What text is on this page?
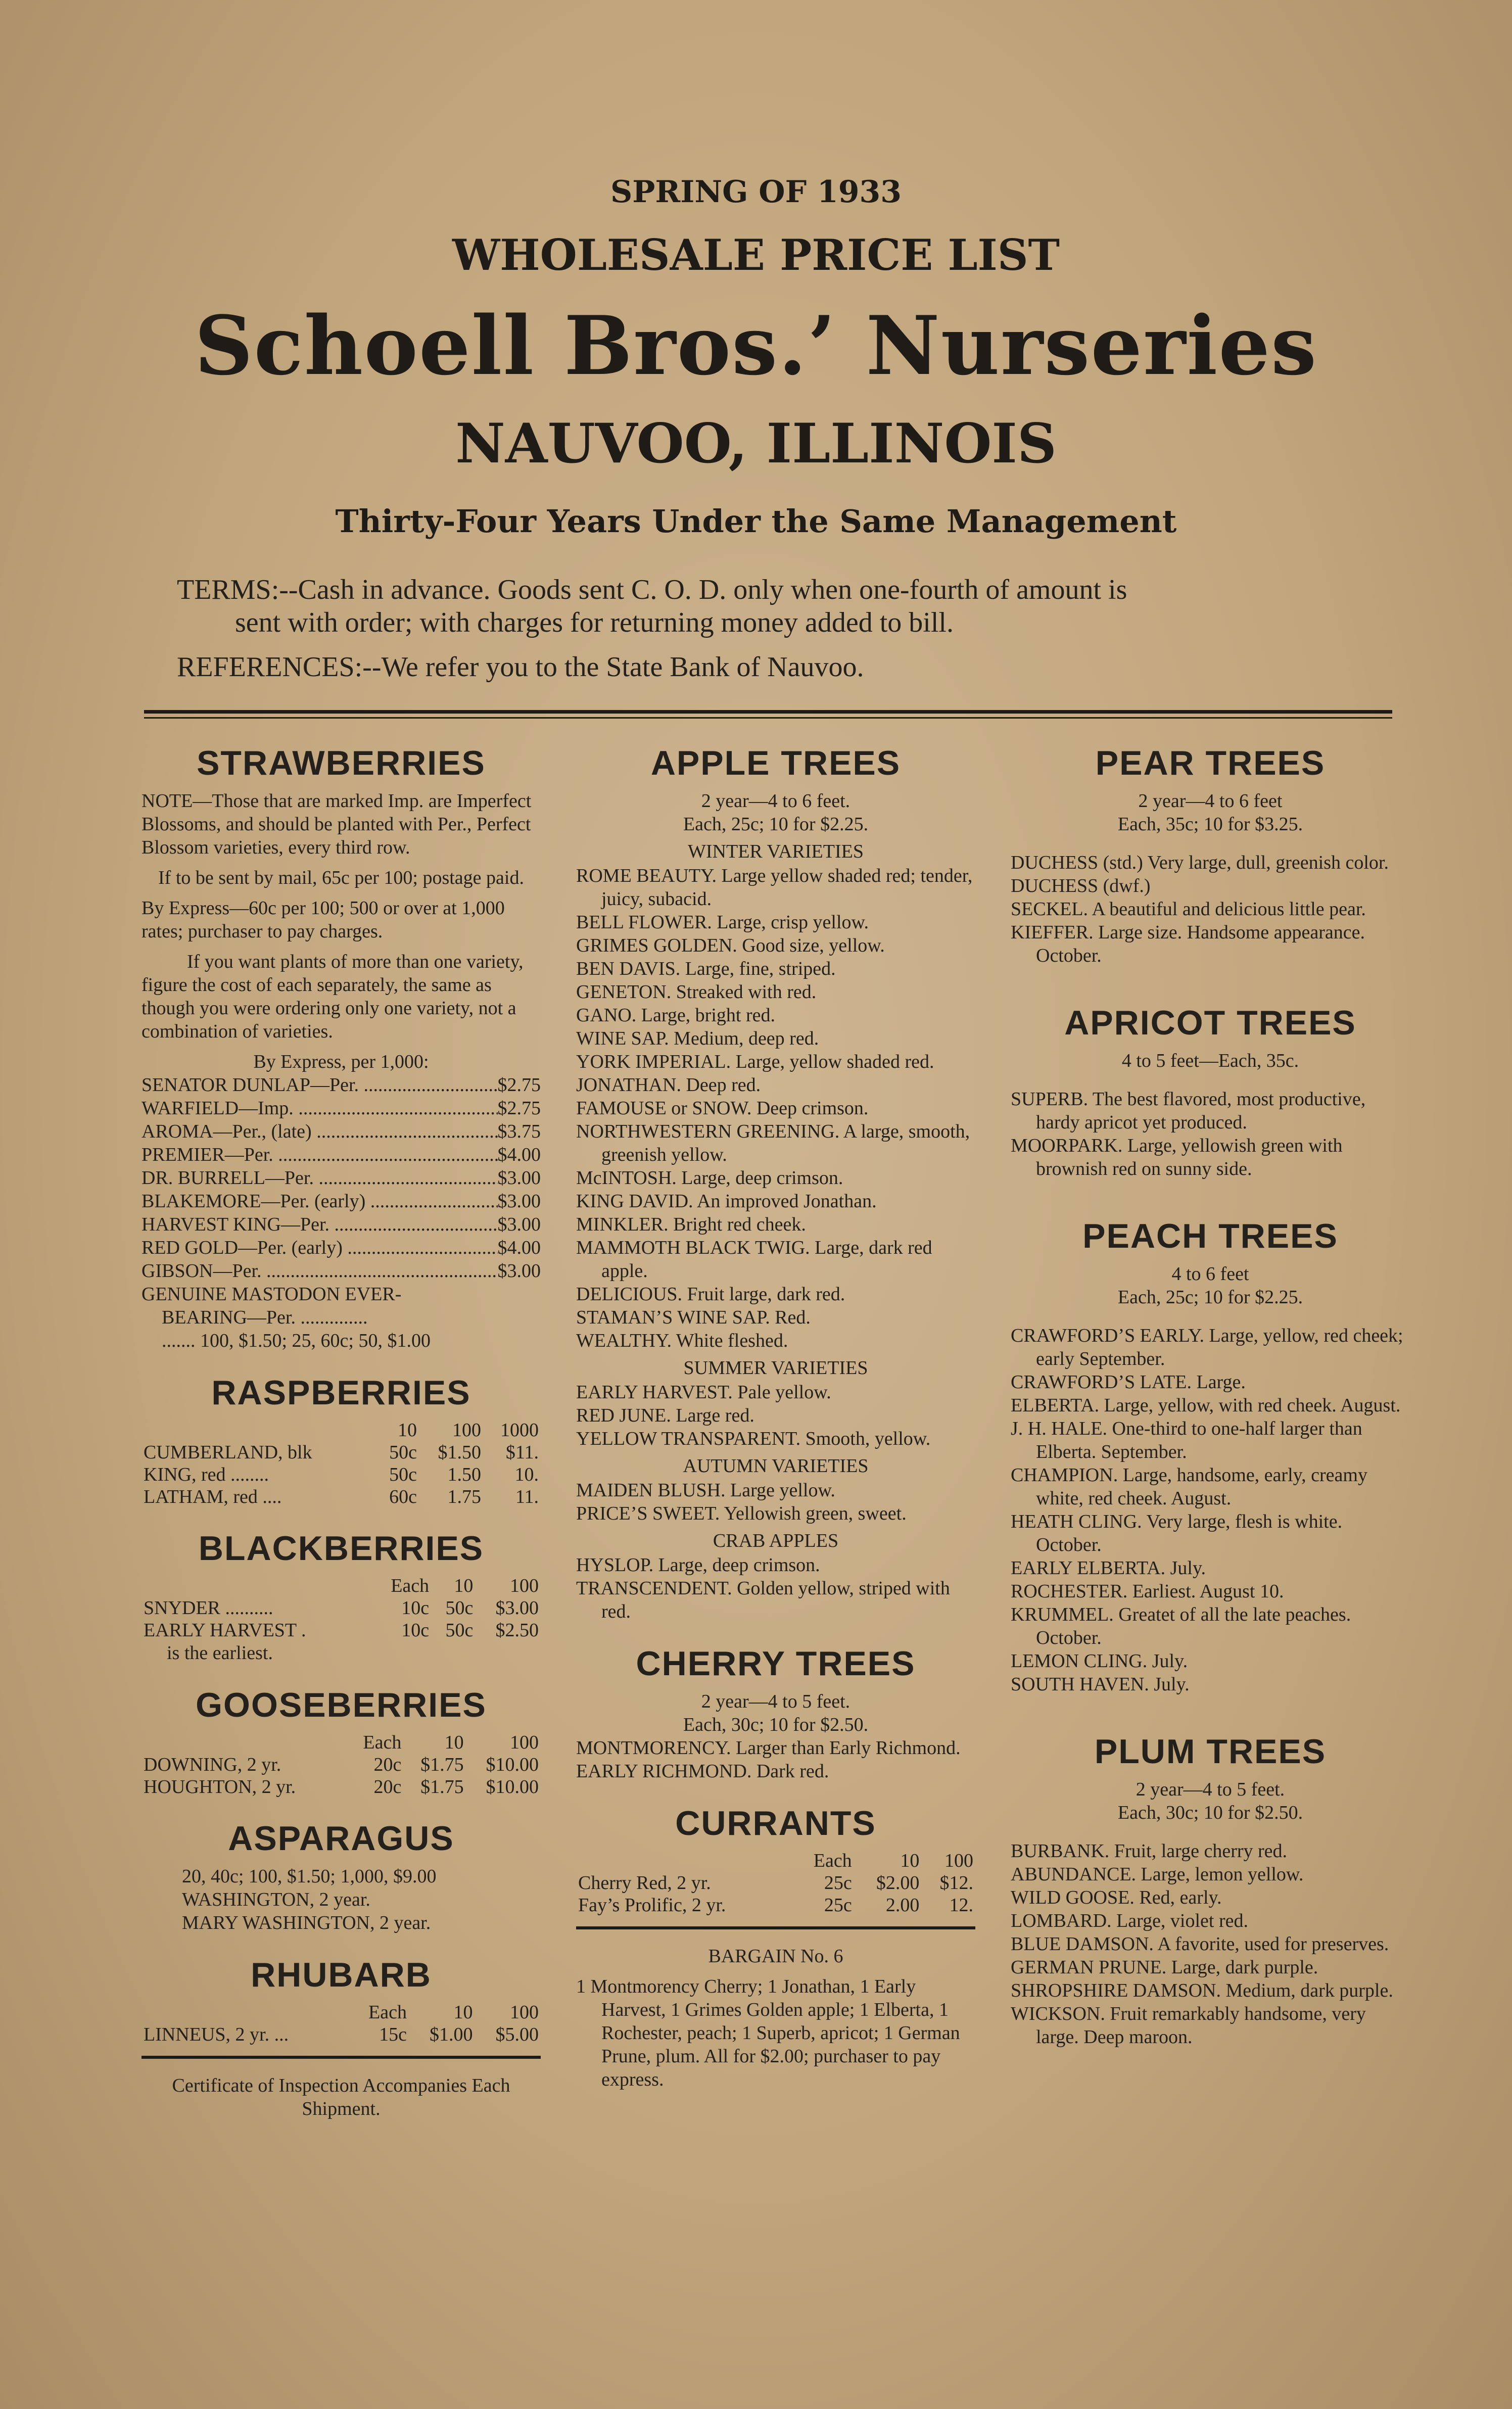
SPRING OF 1933
WHOLESALE PRICE LIST
Schoell Bros.’ Nurseries
NAUVOO, ILLINOIS
Thirty-Four Years Under the Same Management
TERMS:--Cash in advance. Goods sent C. O. D. only when one-fourth of amount is
sent with order; with charges for returning money added to bill.
REFERENCES:--We refer you to the State Bank of Nauvoo.
STRAWBERRIES

NOTE—Those that are marked Imp. are Imperfect Blossoms, and should be planted with Per., Perfect Blossom varieties, every third row.

If to be sent by mail, 65c per 100; postage paid.

By Express—60c per 100; 500 or over at 1,000 rates; purchaser to pay charges.

If you want plants of more than one variety, figure the cost of each separately, the same as though you were ordering only one variety, not a combination of varieties.

By Express, per 1,000:

SENATOR DUNLAP—Per. .....	$2.75
WARFIELD—Imp. .....	$2.75
AROMA—Per., (late) .....	$3.75
PREMIER—Per. .....	$4.00
DR. BURRELL—Per. .....	$3.00
BLAKEMORE—Per. (early) .....	$3.00
HARVEST KING—Per. .....	$3.00
RED GOLD—Per. (early) .....	$4.00
GIBSON—Per. .....	$3.00

GENUINE MASTODON EVER-

BEARING—Per. ..............

....... 100, $1.50; 25, 60c; 50, $1.00

RASPBERRIES
	10	100	1000
CUMBERLAND, blk	50c	$1.50	$11.
KING, red ........	50c	1.50	10.
LATHAM, red ....	60c	1.75	11.
BLACKBERRIES
	Each	10	100
SNYDER ..........	10c	50c	$3.00
EARLY HARVEST .	10c	50c	$2.50

is the earliest.

GOOSEBERRIES
	Each	10	100
DOWNING, 2 yr.	20c	$1.75	$10.00
HOUGHTON, 2 yr.	20c	$1.75	$10.00
ASPARAGUS

20, 40c; 100, $1.50; 1,000, $9.00

WASHINGTON, 2 year.

MARY WASHINGTON, 2 year.

RHUBARB
	Each	10	100
LINNEUS, 2 yr. ...	15c	$1.00	$5.00

Certificate of Inspection Accompanies Each Shipment.

APPLE TREES

2 year—4 to 6 feet.

Each, 25c; 10 for $2.25.

WINTER VARIETIES

ROME BEAUTY. Large yellow shaded red; tender, juicy, subacid.

BELL FLOWER. Large, crisp yellow.

GRIMES GOLDEN. Good size, yellow.

BEN DAVIS. Large, fine, striped.

GENETON. Streaked with red.

GANO. Large, bright red.

WINE SAP. Medium, deep red.

YORK IMPERIAL. Large, yellow shaded red.

JONATHAN. Deep red.

FAMOUSE or SNOW. Deep crimson.

NORTHWESTERN GREENING. A large, smooth, greenish yellow.

McINTOSH. Large, deep crimson.

KING DAVID. An improved Jonathan.

MINKLER. Bright red cheek.

MAMMOTH BLACK TWIG. Large, dark red apple.

DELICIOUS. Fruit large, dark red.

STAMAN’S WINE SAP. Red.

WEALTHY. White fleshed.

SUMMER VARIETIES

EARLY HARVEST. Pale yellow.

RED JUNE. Large red.

YELLOW TRANSPARENT. Smooth, yellow.

AUTUMN VARIETIES

MAIDEN BLUSH. Large yellow.

PRICE’S SWEET. Yellowish green, sweet.

CRAB APPLES

HYSLOP. Large, deep crimson.

TRANSCENDENT. Golden yellow, striped with red.

CHERRY TREES

2 year—4 to 5 feet.

Each, 30c; 10 for $2.50.

MONTMORENCY. Larger than Early Richmond.

EARLY RICHMOND. Dark red.

CURRANTS
	Each	10	100
Cherry Red, 2 yr.	25c	$2.00	$12.
Fay’s Prolific, 2 yr.	25c	2.00	12.

BARGAIN No. 6

1 Montmorency Cherry; 1 Jonathan, 1 Early Harvest, 1 Grimes Golden apple; 1 Elberta, 1 Rochester, peach; 1 Superb, apricot; 1 German Prune, plum. All for $2.00; purchaser to pay express.

PEAR TREES

2 year—4 to 6 feet

Each, 35c; 10 for $3.25.

DUCHESS (std.) Very large, dull, greenish color.

DUCHESS (dwf.)

SECKEL. A beautiful and delicious little pear.

KIEFFER. Large size. Handsome appearance. October.

APRICOT TREES

4 to 5 feet—Each, 35c.

SUPERB. The best flavored, most productive, hardy apricot yet produced.

MOORPARK. Large, yellowish green with brownish red on sunny side.

PEACH TREES

4 to 6 feet

Each, 25c; 10 for $2.25.

CRAWFORD’S EARLY. Large, yellow, red cheek; early September.

CRAWFORD’S LATE. Large.

ELBERTA. Large, yellow, with red cheek. August.

J. H. HALE. One-third to one-half larger than Elberta. September.

CHAMPION. Large, handsome, early, creamy white, red cheek. August.

HEATH CLING. Very large, flesh is white. October.

EARLY ELBERTA. July.

ROCHESTER. Earliest. August 10.

KRUMMEL. Greatet of all the late peaches. October.

LEMON CLING. July.

SOUTH HAVEN. July.

PLUM TREES

2 year—4 to 5 feet.

Each, 30c; 10 for $2.50.

BURBANK. Fruit, large cherry red.

ABUNDANCE. Large, lemon yellow.

WILD GOOSE. Red, early.

LOMBARD. Large, violet red.

BLUE DAMSON. A favorite, used for preserves.

GERMAN PRUNE. Large, dark purple.

SHROPSHIRE DAMSON. Medium, dark purple.

WICKSON. Fruit remarkably handsome, very large. Deep maroon.
